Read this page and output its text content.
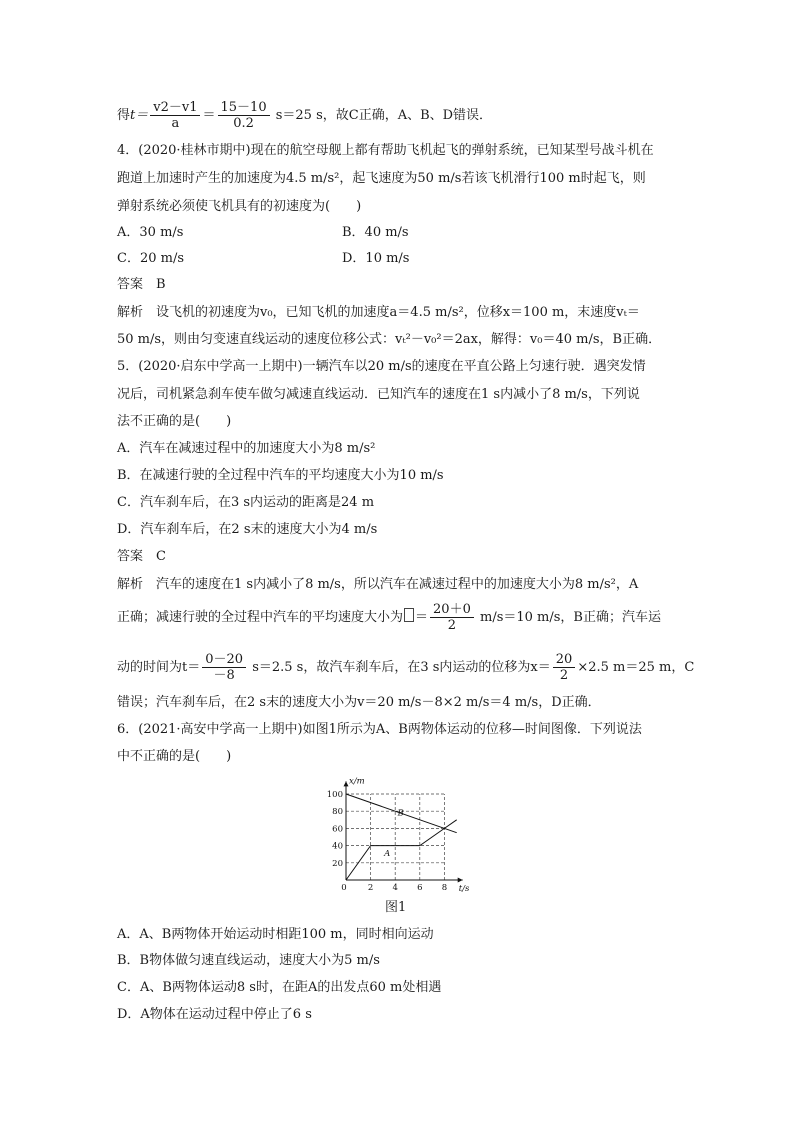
得$t= \frac{v2-v1}{a} = \frac{15-10}{0.2} s=25$ s，故C正确，A、B、D错误．
4．(2020·桂林市期中)现在的航空母舰上都有帮助飞机起飞的弹射系统，已知某型号战斗机在
跑道上加速时产生的加速度为4.5 m/s²，起飞速度为50 m/s若该飞机滑行100 m时起飞，则
弹射系统必须使飞机具有的初速度为(　　)
A．30 m/s	B．40 m/s
C．20 m/s	D．10 m/s
答案　B
解析　设飞机的初速度为v₀，已知飞机的加速度a＝4.5 m/s²，位移x＝100 m，末速度vₜ＝
50 m/s，则由匀变速直线运动的速度位移公式：vₜ²－v₀²＝2ax，解得：v₀＝40 m/s，B正确．
5．(2020·启东中学高一上期中)一辆汽车以20 m/s的速度在平直公路上匀速行驶．遇突发情
况后，司机紧急刹车使车做匀减速直线运动．已知汽车的速度在1 s内减小了8 m/s，下列说
法不正确的是(　　)
A．汽车在减速过程中的加速度大小为8 m/s²
B．在减速行驶的全过程中汽车的平均速度大小为10 m/s
C．汽车刹车后，在3 s内运动的距离是24 m
D．汽车刹车后，在2 s末的速度大小为4 m/s
答案　C
解析　汽车的速度在1 s内减小了8 m/s，所以汽车在减速过程中的加速度大小为8 m/s²，A
正确；减速行驶的全过程中汽车的平均速度大小为 ＝ $\frac{20+0}{2} m/s=10$ m/s，B正确；汽车运
动的时间为$t= \frac{0-20}{-8} s=2.5$ s，故汽车刹车后，在3 s内运动的位移为$x= \frac{20}{2} \times 2.5$ m＝25 m，C
错误；汽车刹车后，在2 s末的速度大小为v＝20 m/s－8×2 m/s＝4 m/s，D正确．
6．(2021·高安中学高一上期中)如图1所示为A、B两物体运动的位移—时间图像．下列说法
中不正确的是(　　)
0 2 4 6 8
20
40
60
80
100
t/s
x/m
B
A
图1
A．A、B两物体开始运动时相距100 m，同时相向运动
B．B物体做匀速直线运动，速度大小为5 m/s
C．A、B两物体运动8 s时，在距A的出发点60 m处相遇
D．A物体在运动过程中停止了6 s
